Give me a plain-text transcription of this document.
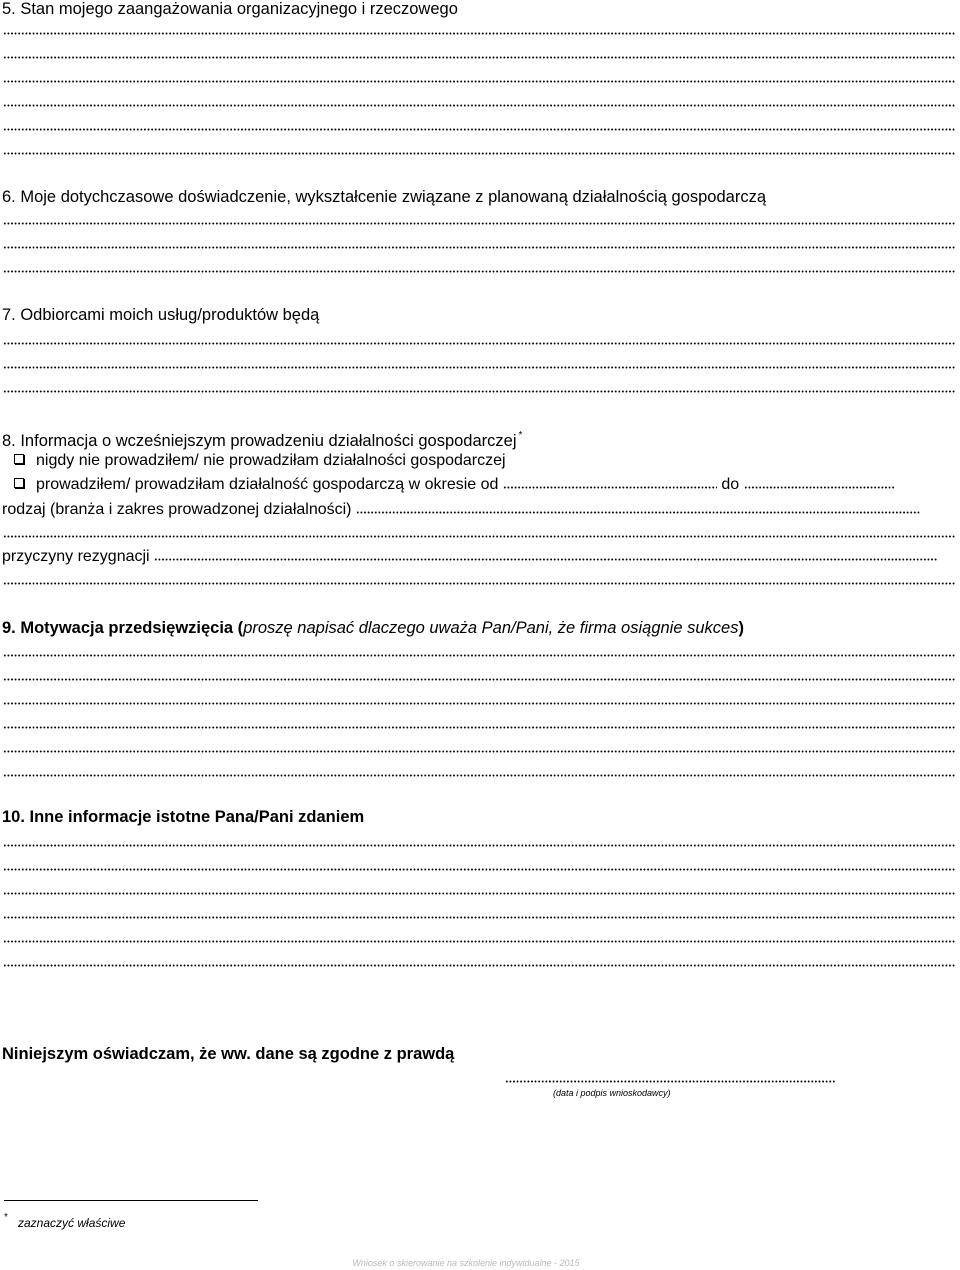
5. Stan mojego zaangażowania organizacyjnego i rzeczowego
6. Moje dotychczasowe doświadczenie, wykształcenie związane z planowaną działalnością gospodarczą
7. Odbiorcami moich usług/produktów będą
8. Informacja o wcześniejszym prowadzeniu działalności gospodarczej *
nigdy nie prowadziłem/ nie prowadziłam działalności gospodarczej
prowadziłem/ prowadziłam działalność gospodarczą w okresie od	do
rodzaj (branża i zakres prowadzonej działalności)
przyczyny rezygnacji
9. Motywacja przedsięwzięcia (proszę napisać dlaczego uważa Pan/Pani, że firma osiągnie sukces)
10. Inne informacje istotne Pana/Pani zdaniem
Niniejszym oświadczam, że ww. dane są zgodne z prawdą
(data i podpis wnioskodawcy)
* zaznaczyć właściwe
Wniosek o skierowanie na szkolenie indywidualne - 2015
